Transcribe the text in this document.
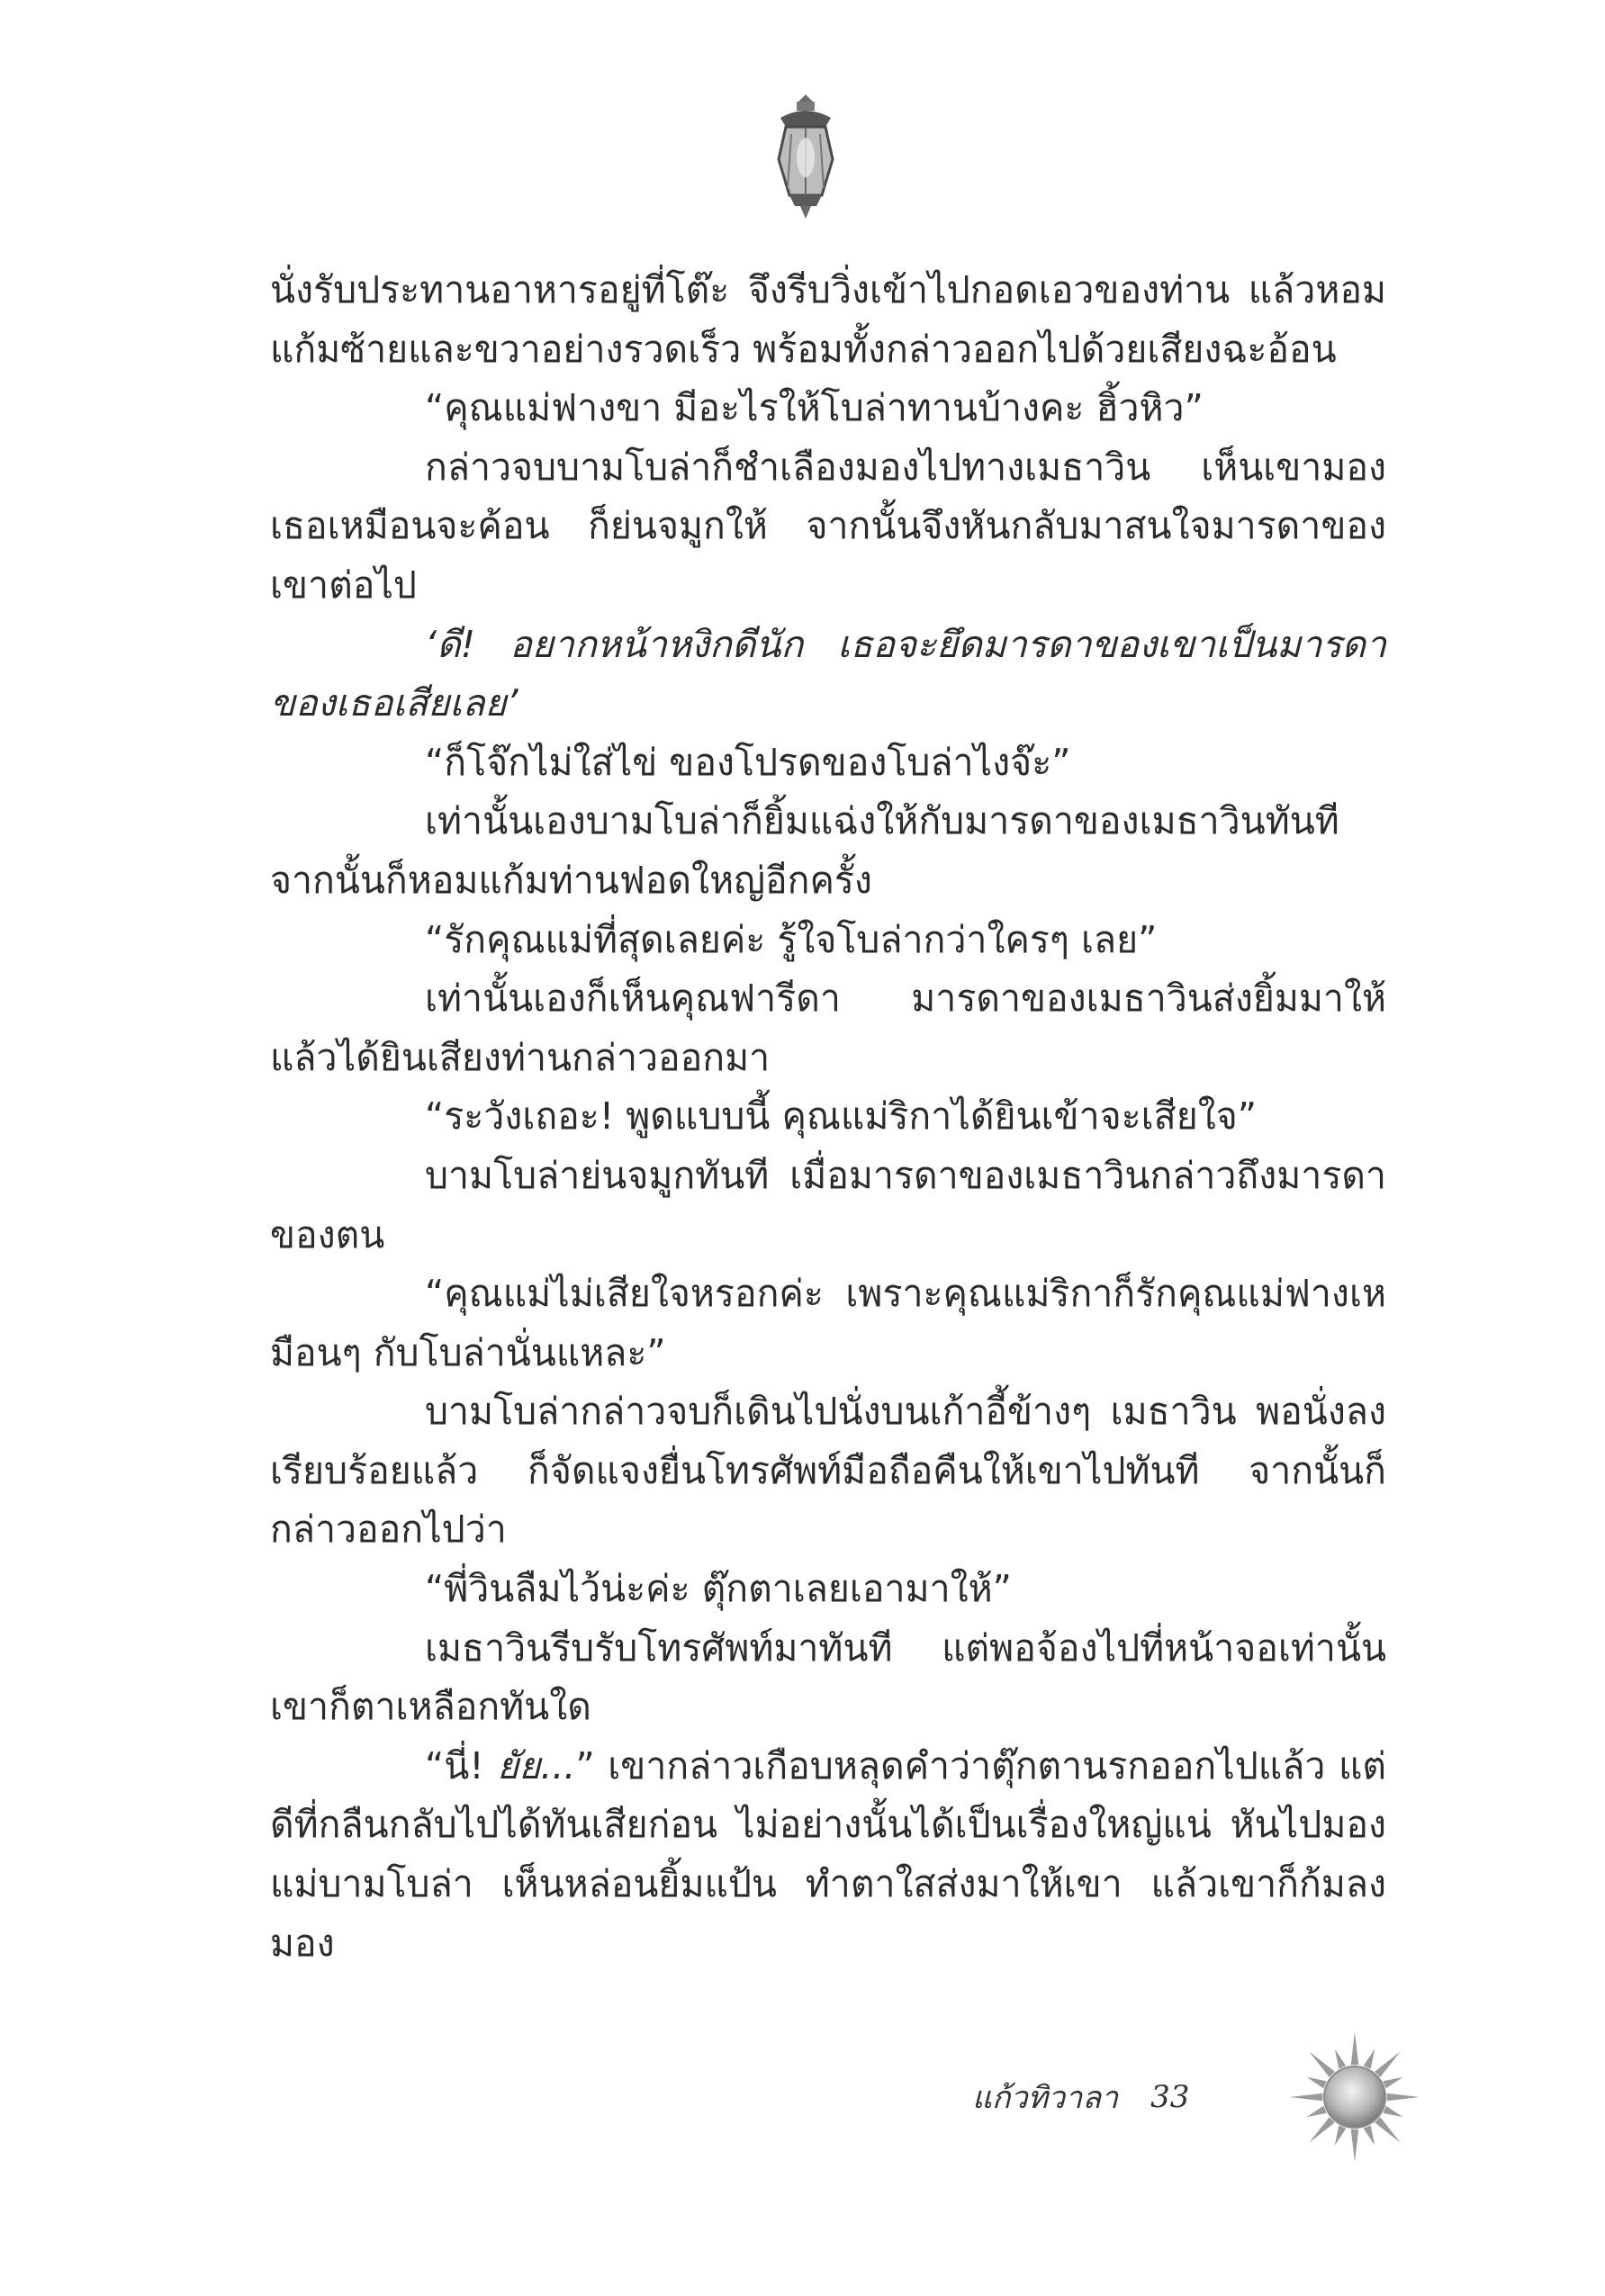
นั่งรับประทานอาหารอยู่ที่โต๊ะ จึงรีบวิ่งเข้าไปกอดเอวของท่าน แล้วหอมแก้มซ้ายและขวาอย่างรวดเร็ว พร้อมทั้งกล่าวออกไปด้วยเสียงฉะอ้อน

“คุณแม่ฟางขา มีอะไรให้โบล่าทานบ้างคะ ฮิ้วหิว”

กล่าวจบบามโบล่าก็ชำเลืองมองไปทางเมธาวิน เห็นเขามองเธอเหมือนจะค้อน ก็ย่นจมูกให้ จากนั้นจึงหันกลับมาสนใจมารดาของเขาต่อไป

‘ดี! อยากหน้าหงิกดีนัก เธอจะยึดมารดาของเขาเป็นมารดาของเธอเสียเลย’

“ก็โจ๊กไม่ใส่ไข่ ของโปรดของโบล่าไงจ๊ะ”

เท่านั้นเองบามโบล่าก็ยิ้มแฉ่งให้กับมารดาของเมธาวินทันที จากนั้นก็หอมแก้มท่านฟอดใหญ่อีกครั้ง

“รักคุณแม่ที่สุดเลยค่ะ รู้ใจโบล่ากว่าใครๆ เลย”

เท่านั้นเองก็เห็นคุณฟารีดา มารดาของเมธาวินส่งยิ้มมาให้ แล้วได้ยินเสียงท่านกล่าวออกมา

“ระวังเถอะ! พูดแบบนี้ คุณแม่ริกาได้ยินเข้าจะเสียใจ”

บามโบล่าย่นจมูกทันที เมื่อมารดาของเมธาวินกล่าวถึงมารดาของตน

“คุณแม่ไม่เสียใจหรอกค่ะ เพราะคุณแม่ริกาก็รักคุณแม่ฟางเหมือนๆ กับโบล่านั่นแหละ”

บามโบล่ากล่าวจบก็เดินไปนั่งบนเก้าอี้ข้างๆ เมธาวิน พอนั่งลงเรียบร้อยแล้ว ก็จัดแจงยื่นโทรศัพท์มือถือคืนให้เขาไปทันที จากนั้นก็กล่าวออกไปว่า

“พี่วินลืมไว้น่ะค่ะ ตุ๊กตาเลยเอามาให้”

เมธาวินรีบรับโทรศัพท์มาทันที แต่พอจ้องไปที่หน้าจอเท่านั้นเขาก็ตาเหลือกทันใด

“นี่! ยัย...” เขากล่าวเกือบหลุดคำว่าตุ๊กตานรกออกไปแล้ว แต่ดีที่กลืนกลับไปได้ทันเสียก่อน ไม่อย่างนั้นได้เป็นเรื่องใหญ่แน่ หันไปมองแม่บามโบล่า เห็นหล่อนยิ้มแป้น ทำตาใสส่งมาให้เขา แล้วเขาก็ก้มลงมอง

แก้วทิวาลา 33
